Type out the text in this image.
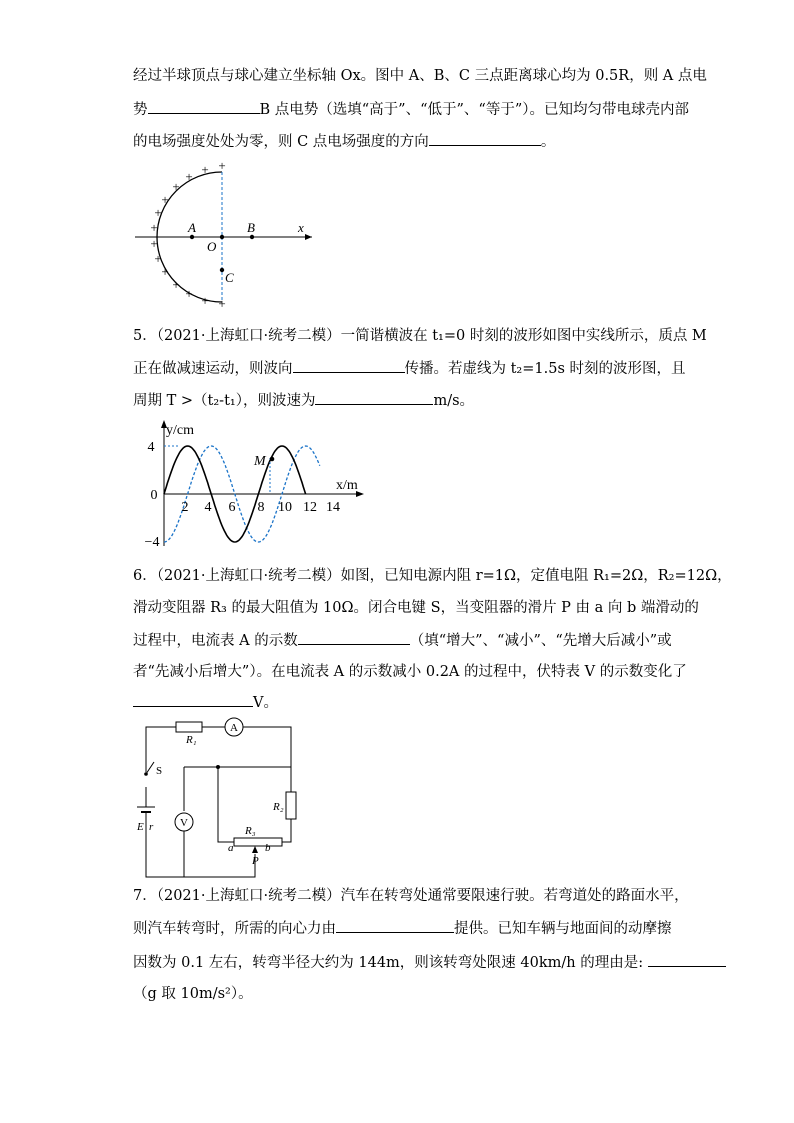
经过半球顶点与球心建立坐标轴 Ox。图中 A、B、C 三点距离球心均为 0.5R，则 A 点电
势	B 点电势（选填“高于”、“低于”、“等于”）。已知均匀带电球壳内部
的电场强度处处为零，则 C 点电场强度的方向	。
+
+
+
+
+
+
+
+
+
+
+
+ + +
A	B
O
C
x
5．（2021·上海虹口·统考二模）一简谐横波在 t₁=0 时刻的波形如图中实线所示，质点 M
正在做减速运动，则波向	传播。若虚线为 t₂=1.5s 时刻的波形图，且
周期 T >（t₂-t₁），则波速为	m/s。
y/cm
x/m
4
0
−4
2 4 6 8 10 12 14
M
6．（2021·上海虹口·统考二模）如图，已知电源内阻 r=1Ω，定值电阻 R₁=2Ω，R₂=12Ω，
滑动变阻器 R₃ 的最大阻值为 10Ω。闭合电键 S，当变阻器的滑片 P 由 a 向 b 端滑动的
过程中，电流表 A 的示数	（填“增大”、“减小”、“先增大后减小”或
者“先减小后增大”）。在电流表 A 的示数减小 0.2A 的过程中，伏特表 V 的示数变化了
V。
R₁
R₂
R₃
A
V
S
E r
a	b
P
7．（2021·上海虹口·统考二模）汽车在转弯处通常要限速行驶。若弯道处的路面水平，
则汽车转弯时，所需的向心力由	提供。已知车辆与地面间的动摩擦
因数为 0.1 左右，转弯半径大约为 144m，则该转弯处限速 40km/h 的理由是:
（g 取 10m/s²）。
